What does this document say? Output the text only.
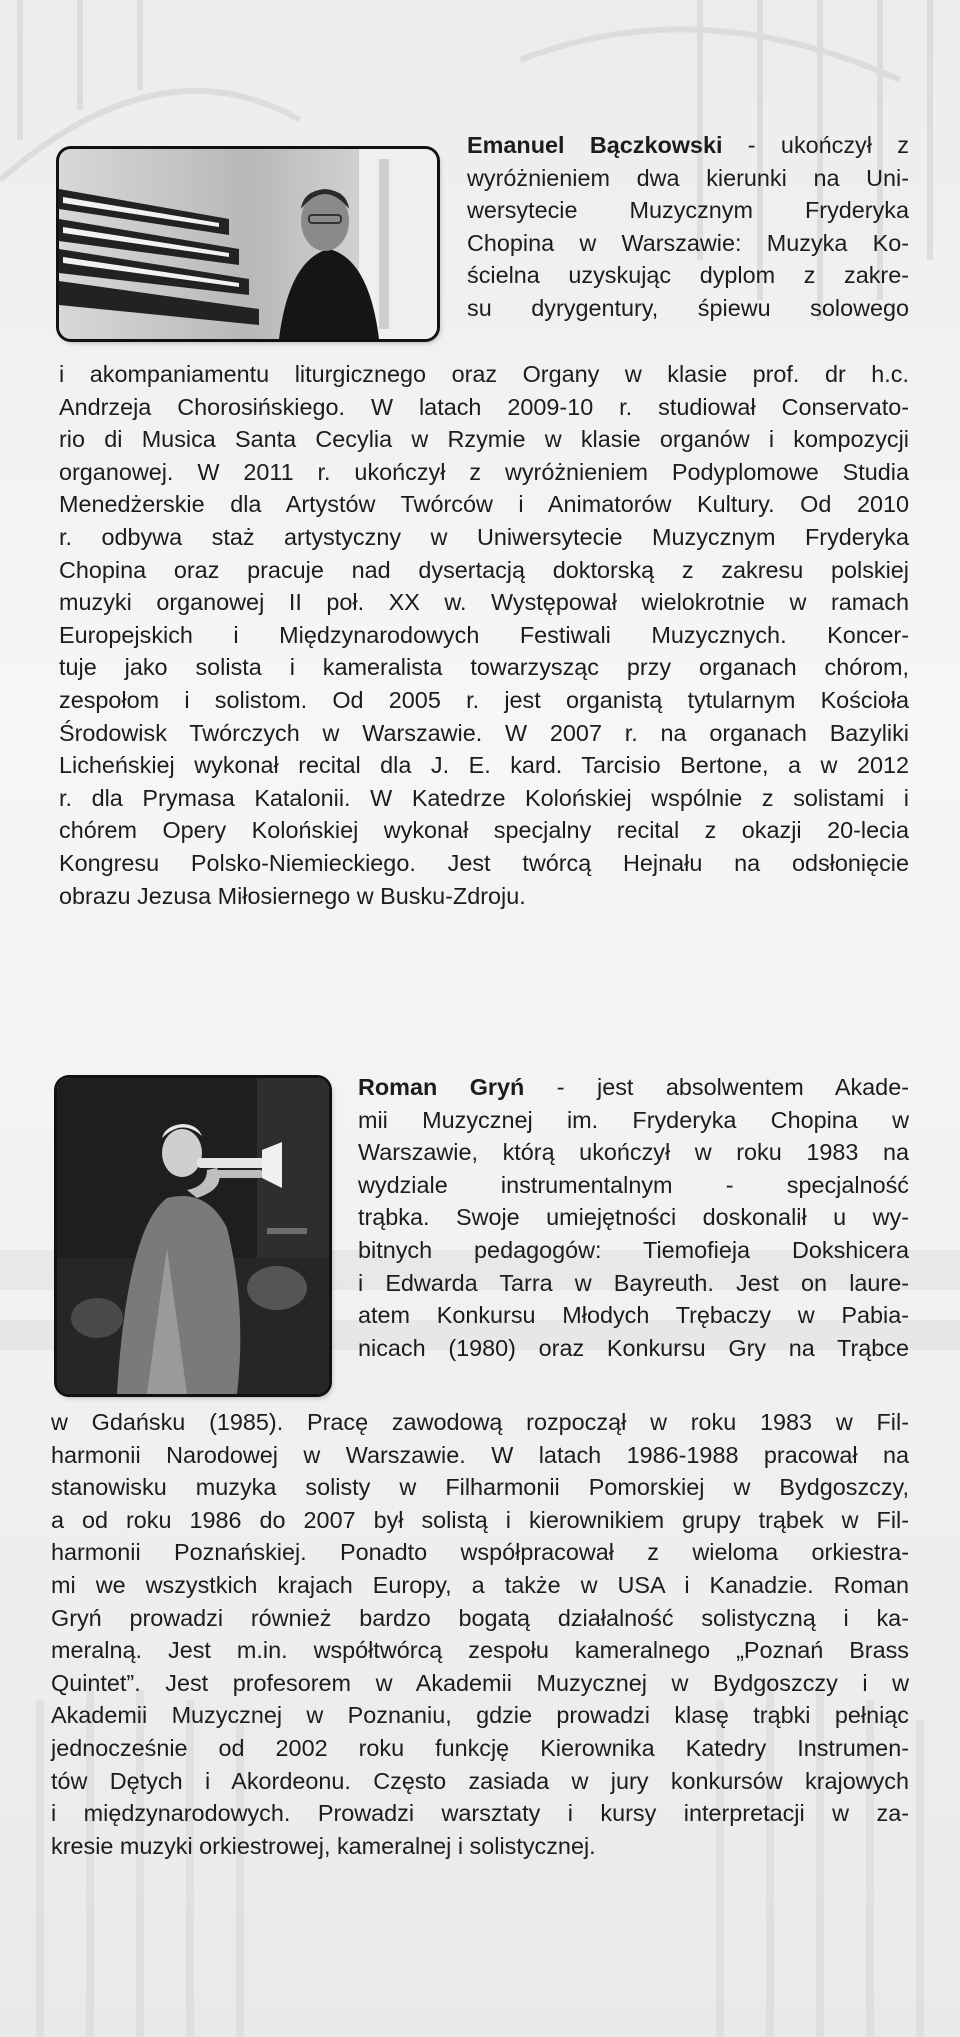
Emanuel Bączkowski - ukończył z
wyróżnieniem dwa kierunki na Uni-
wersytecie Muzycznym Fryderyka
Chopina w Warszawie: Muzyka Ko-
ścielna uzyskując dyplom z zakre-
su dyrygentury, śpiewu solowego

i akompaniamentu liturgicznego oraz Organy w klasie prof. dr h.c.
Andrzeja Chorosińskiego. W latach 2009-10 r. studiował Conservato-
rio di Musica Santa Cecylia w Rzymie w klasie organów i kompozycji
organowej. W 2011 r. ukończył z wyróżnieniem Podyplomowe Studia
Menedżerskie dla Artystów Twórców i Animatorów Kultury. Od 2010
r. odbywa staż artystyczny w Uniwersytecie Muzycznym Fryderyka
Chopina oraz pracuje nad dysertacją doktorską z zakresu polskiej
muzyki organowej II poł. XX w. Występował wielokrotnie w ramach
Europejskich i Międzynarodowych Festiwali Muzycznych. Koncer-
tuje jako solista i kameralista towarzysząc przy organach chórom,
zespołom i solistom. Od 2005 r. jest organistą tytularnym Kościoła
Środowisk Twórczych w Warszawie. W 2007 r. na organach Bazyliki
Licheńskiej wykonał recital dla J. E. kard. Tarcisio Bertone, a w 2012
r. dla Prymasa Katalonii. W Katedrze Kolońskiej wspólnie z solistami i
chórem Opery Kolońskiej wykonał specjalny recital z okazji 20-lecia
Kongresu Polsko-Niemieckiego. Jest twórcą Hejnału na odsłonięcie
obrazu Jezusa Miłosiernego w Busku-Zdroju.

Roman Gryń - jest absolwentem Akade-
mii Muzycznej im. Fryderyka Chopina w
Warszawie, którą ukończył w roku 1983 na
wydziale instrumentalnym - specjalność
trąbka. Swoje umiejętności doskonalił u wy-
bitnych pedagogów: Tiemofieja Dokshicera
i Edwarda Tarra w Bayreuth. Jest on laure-
atem Konkursu Młodych Trębaczy w Pabia-
nicach (1980) oraz Konkursu Gry na Trąbce

w Gdańsku (1985). Pracę zawodową rozpoczął w roku 1983 w Fil-
harmonii Narodowej w Warszawie. W latach 1986-1988 pracował na
stanowisku muzyka solisty w Filharmonii Pomorskiej w Bydgoszczy,
a od roku 1986 do 2007 był solistą i kierownikiem grupy trąbek w Fil-
harmonii Poznańskiej. Ponadto współpracował z wieloma orkiestra-
mi we wszystkich krajach Europy, a także w USA i Kanadzie. Roman
Gryń prowadzi również bardzo bogatą działalność solistyczną i ka-
meralną. Jest m.in. współtwórcą zespołu kameralnego „Poznań Brass
Quintet”. Jest profesorem w Akademii Muzycznej w Bydgoszczy i w
Akademii Muzycznej w Poznaniu, gdzie prowadzi klasę trąbki pełniąc
jednocześnie od 2002 roku funkcję Kierownika Katedry Instrumen-
tów Dętych i Akordeonu. Często zasiada w jury konkursów krajowych
i międzynarodowych. Prowadzi warsztaty i kursy interpretacji w za-
kresie muzyki orkiestrowej, kameralnej i solistycznej.
